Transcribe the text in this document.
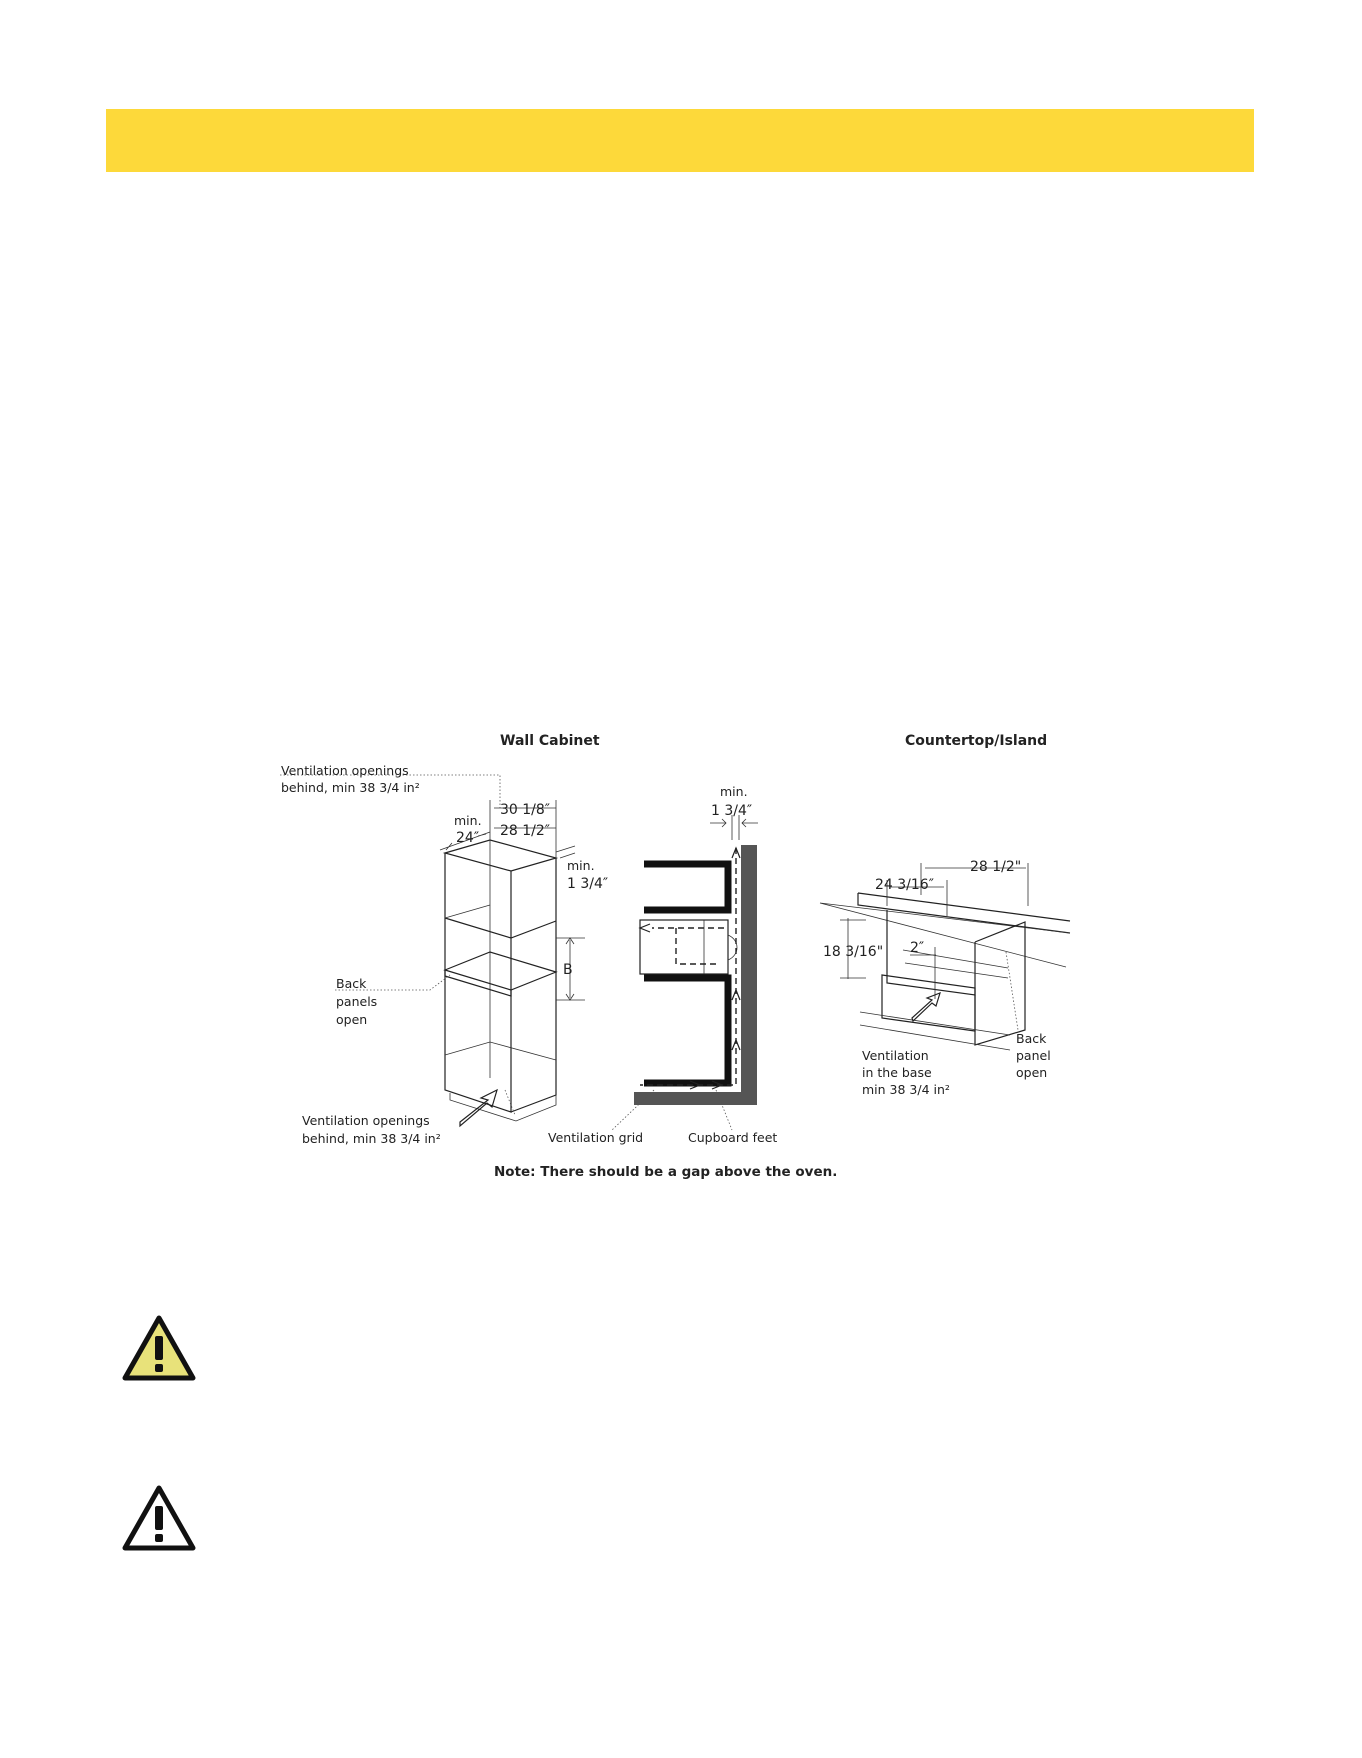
Wall Cabinet	Countertop/Island
Ventilation openings
behind, min 38 3/4 in²
min.
24″
30 1/8″
28 1/2″
min.
1 3/4″
B
Back
panels
open
Ventilation openings
behind, min 38 3/4 in²
min.
1 3/4″
Ventilation grid	Cupboard feet
28 1/2"
24 3/16″
18 3/16" 2″
Ventilation
in the base
min 38 3/4 in²
Back
panel
open
Note: There should be a gap above the oven.
